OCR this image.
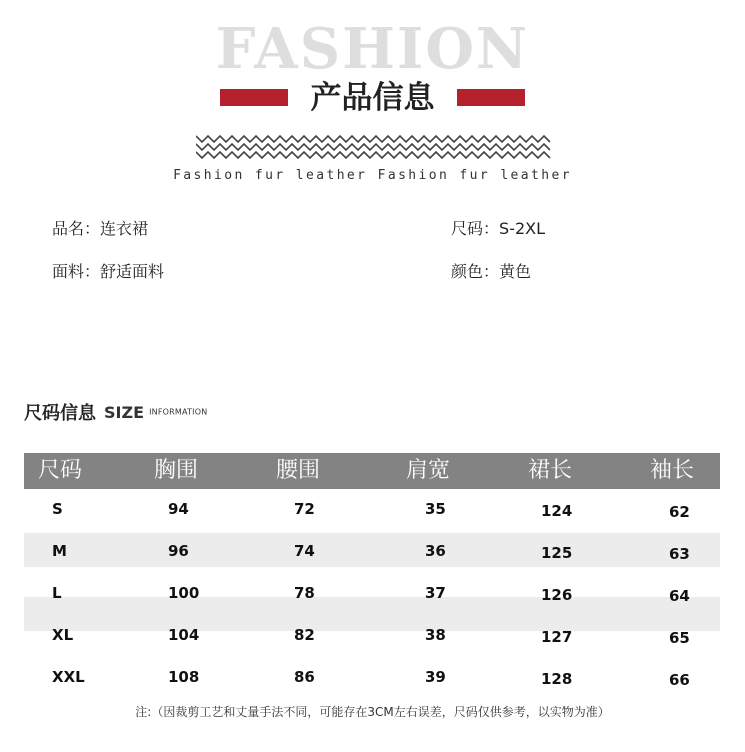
FASHION
产品信息
Fashion fur leather Fashion fur leather
品名 ： 连衣裙	尺码 ： S-2XL
面料 ： 舒适面料	颜色 ： 黄色
尺码信息 SIZE INFORMATION
尺码	胸围	腰围	肩宽	裙长	袖长
S	94	72	35	124	62
M	96	74	36	125	63
L	100	78	37	126	64
XL	104	82	38	127	65
XXL	108	86	39	128	66
注:（因裁剪工艺和丈量手法不同，可能存在3CM左右误差，尺码仅供参考，以实物为准）
